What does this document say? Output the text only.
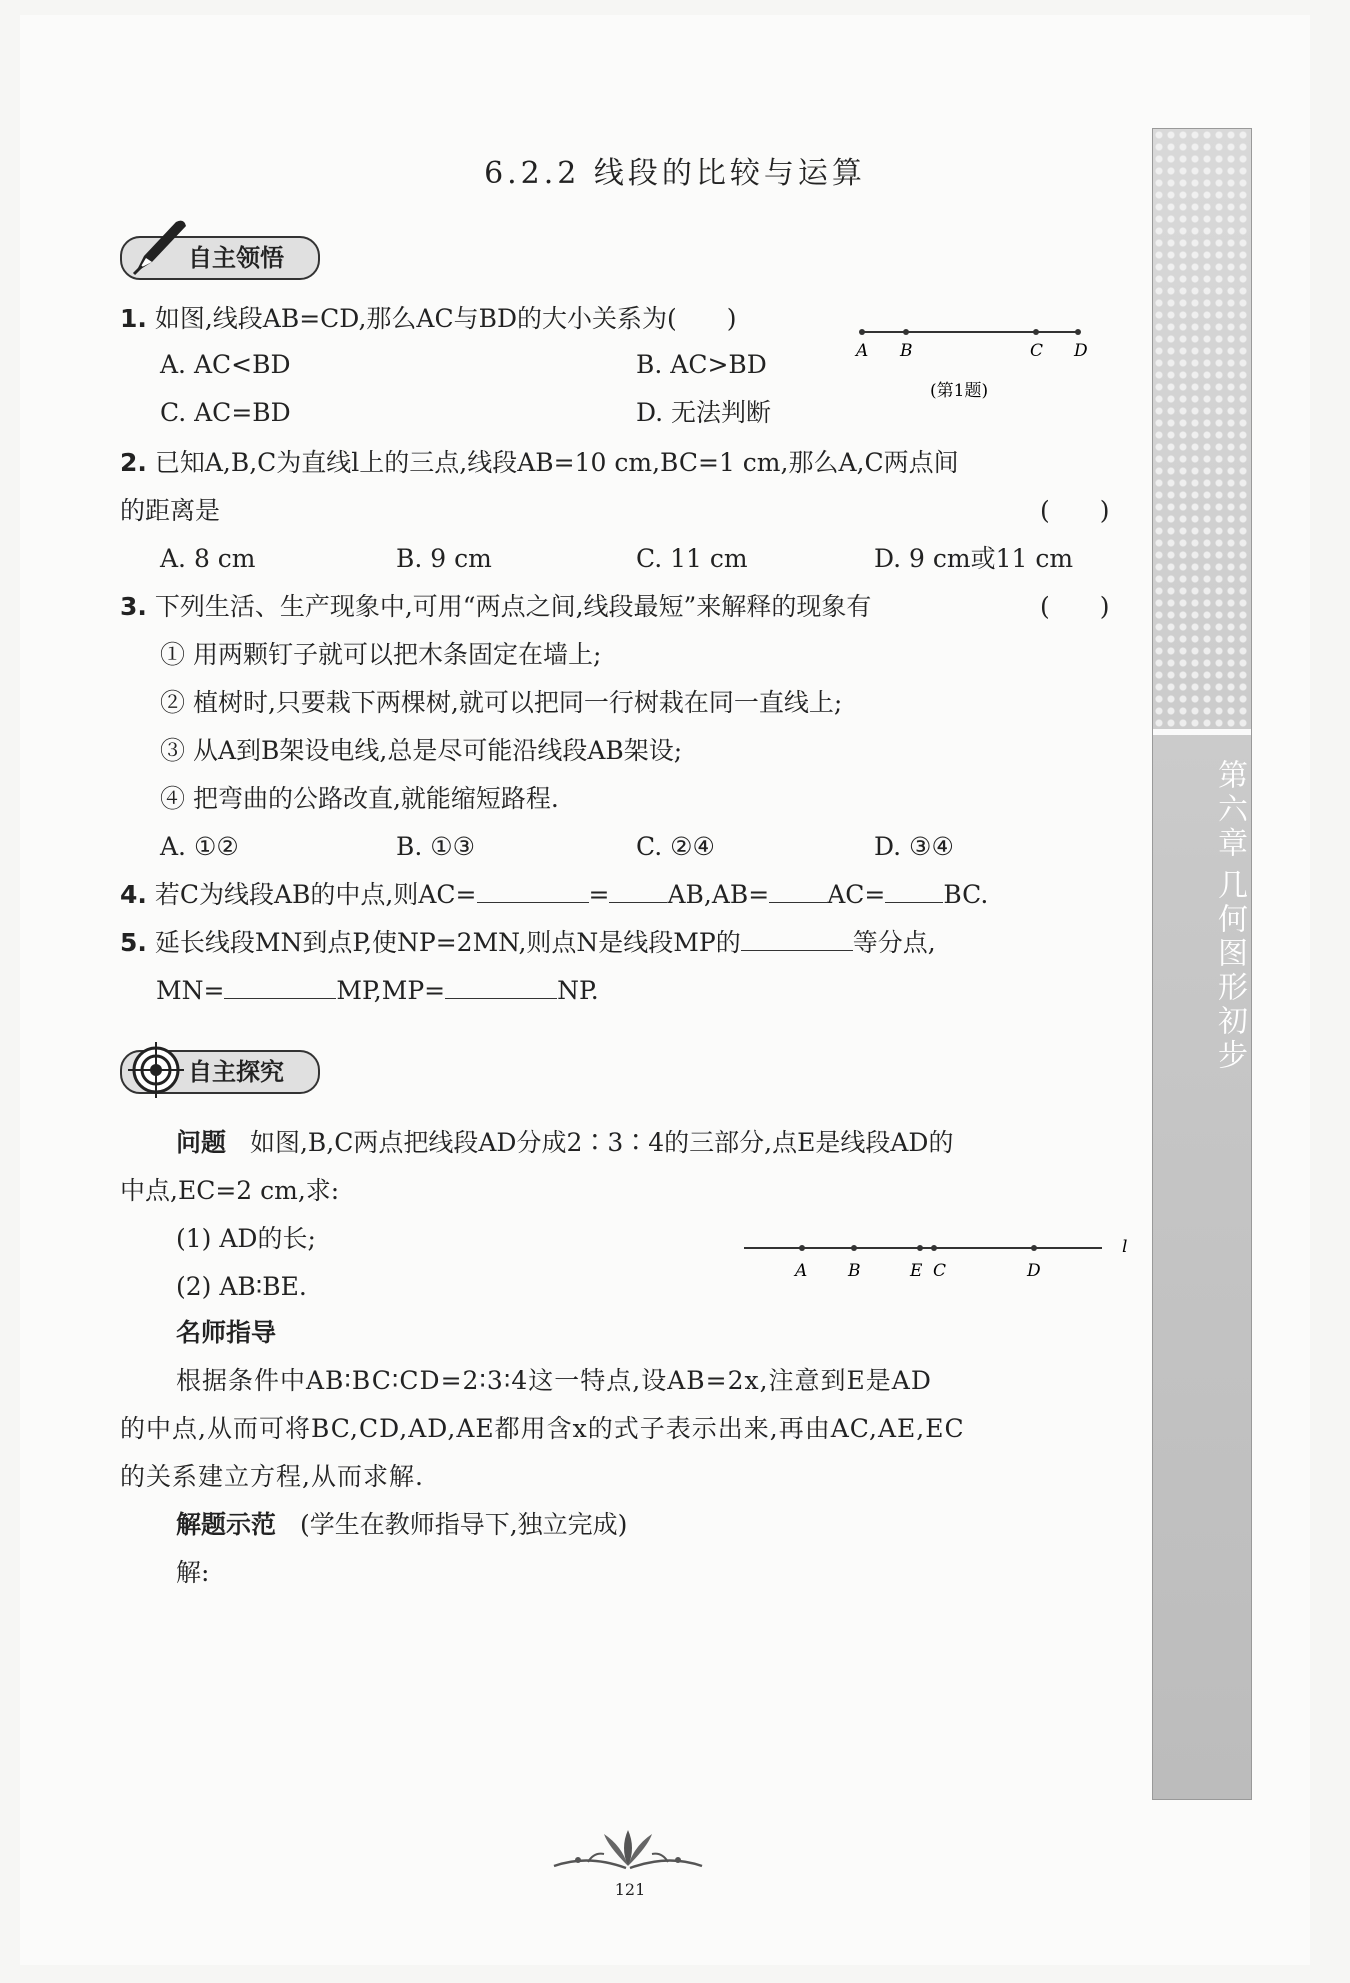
第六章
几何图形初步
6.2.2 线段的比较与运算
自主领悟
1. 如图,线段AB=CD,那么AC与BD的大小关系为(　　)
A. AC<BD	B. AC>BD
C. AC=BD	D. 无法判断
A B	C D
(第1题)
2. 已知A,B,C为直线l上的三点,线段AB=10 cm,BC=1 cm,那么A,C两点间
的距离是	(　　)
A. 8 cm	B. 9 cm	C. 11 cm	D. 9 cm或11 cm
3. 下列生活、生产现象中,可用“两点之间,线段最短”来解释的现象有	(　　)
① 用两颗钉子就可以把木条固定在墙上;
② 植树时,只要栽下两棵树,就可以把同一行树栽在同一直线上;
③ 从A到B架设电线,总是尽可能沿线段AB架设;
④ 把弯曲的公路改直,就能缩短路程.
A. ①②	B. ①③	C. ②④	D. ③④
4. 若C为线段AB的中点,则AC=	= AB,AB= AC= BC.
5. 延长线段MN到点P,使NP=2MN,则点N是线段MP的	等分点,
MN=	MP,MP=	NP.
自主探究
问题 如图,B,C两点把线段AD分成2∶3∶4的三部分,点E是线段AD的
中点,EC=2 cm,求:
(1) AD的长;
(2) AB∶BE.
A B	E C	D
l
名师指导
根据条件中AB∶BC∶CD=2∶3∶4这一特点,设AB=2x,注意到E是AD
的中点,从而可将BC,CD,AD,AE都用含x的式子表示出来,再由AC,AE,EC
的关系建立方程,从而求解.
解题示范 (学生在教师指导下,独立完成)
解:
121
